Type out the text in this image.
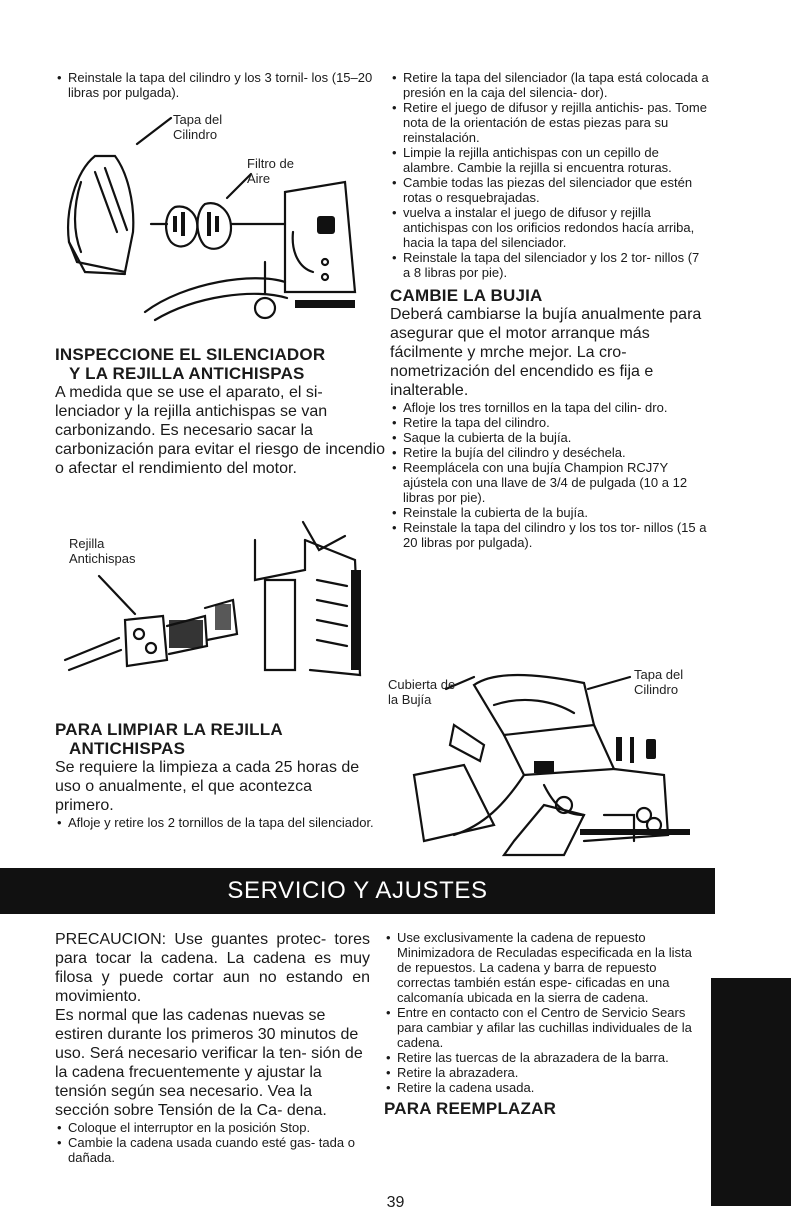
• Reinstale la tapa del cilindro y los 3 tornil- los (15–20 libras por pulgada).
Tapa del Cilindro
Filtro de Aire
INSPECCIONE EL SILENCIADOR
Y LA REJILLA ANTICHISPAS

A medida que se use el aparato, el si- lenciador y la rejilla antichispas se van carbonizando. Es necesario sacar la carbonización para evitar el riesgo de incendio o afectar el rendimiento del motor.

Rejilla Antichispas
PARA LIMPIAR LA REJILLA
ANTICHISPAS

Se requiere la limpieza a cada 25 horas de uso o anualmente, el que acontezca primero.

• Afloje y retire los 2 tornillos de la tapa del silenciador.
• Retire la tapa del silenciador (la tapa está colocada a presión en la caja del silencia- dor).
• Retire el juego de difusor y rejilla antichis- pas. Tome nota de la orientación de estas piezas para su reinstalación.
• Limpie la rejilla antichispas con un cepillo de alambre. Cambie la rejilla si encuentra roturas.
• Cambie todas las piezas del silenciador que estén rotas o resquebrajadas.
• vuelva a instalar el juego de difusor y rejilla antichispas con los orificios redondos hacía arriba, hacia la tapa del silenciador.
• Reinstale la tapa del silenciador y los 2 tor- nillos (7 a 8 libras por pie).
CAMBIE LA BUJIA

Deberá cambiarse la bujía anualmente para asegurar que el motor arranque más fácilmente y mrche mejor. La cro- nometrización del encendido es fija e inalterable.

• Afloje los tres tornillos en la tapa del cilin- dro.
• Retire la tapa del cilindro.
• Saque la cubierta de la bujía.
• Retire la bujía del cilindro y deséchela.
• Reemplácela con una bujía Champion RCJ7Y ajústela con una llave de 3/4 de pulgada (10 a 12 libras por pie).
• Reinstale la cubierta de la bujía.
• Reinstale la tapa del cilindro y los tos tor- nillos (15 a 20 libras por pulgada).
Cubierta de la Bujía
Tapa del Cilindro
SERVICIO Y AJUSTES

PRECAUCION: Use guantes protec- tores para tocar la cadena. La cadena es muy filosa y puede cortar aun no estando en movimiento.

Es normal que las cadenas nuevas se estiren durante los primeros 30 minutos de uso. Será necesario verificar la ten- sión de la cadena frecuentemente y ajustar la tensión según sea necesario. Vea la sección sobre Tensión de la Ca- dena.

• Coloque el interruptor en la posición Stop.
• Cambie la cadena usada cuando esté gas- tada o dañada.
• Use exclusivamente la cadena de repuesto Minimizadora de Reculadas especificada en la lista de repuestos. La cadena y barra de repuesto correctas también están espe- cificadas en una calcomanía ubicada en la sierra de cadena.
• Entre en contacto con el Centro de Servicio Sears para cambiar y afilar las cuchillas individuales de la cadena.
• Retire las tuercas de la abrazadera de la barra.
• Retire la abrazadera.
• Retire la cadena usada.
PARA REEMPLAZAR
39
